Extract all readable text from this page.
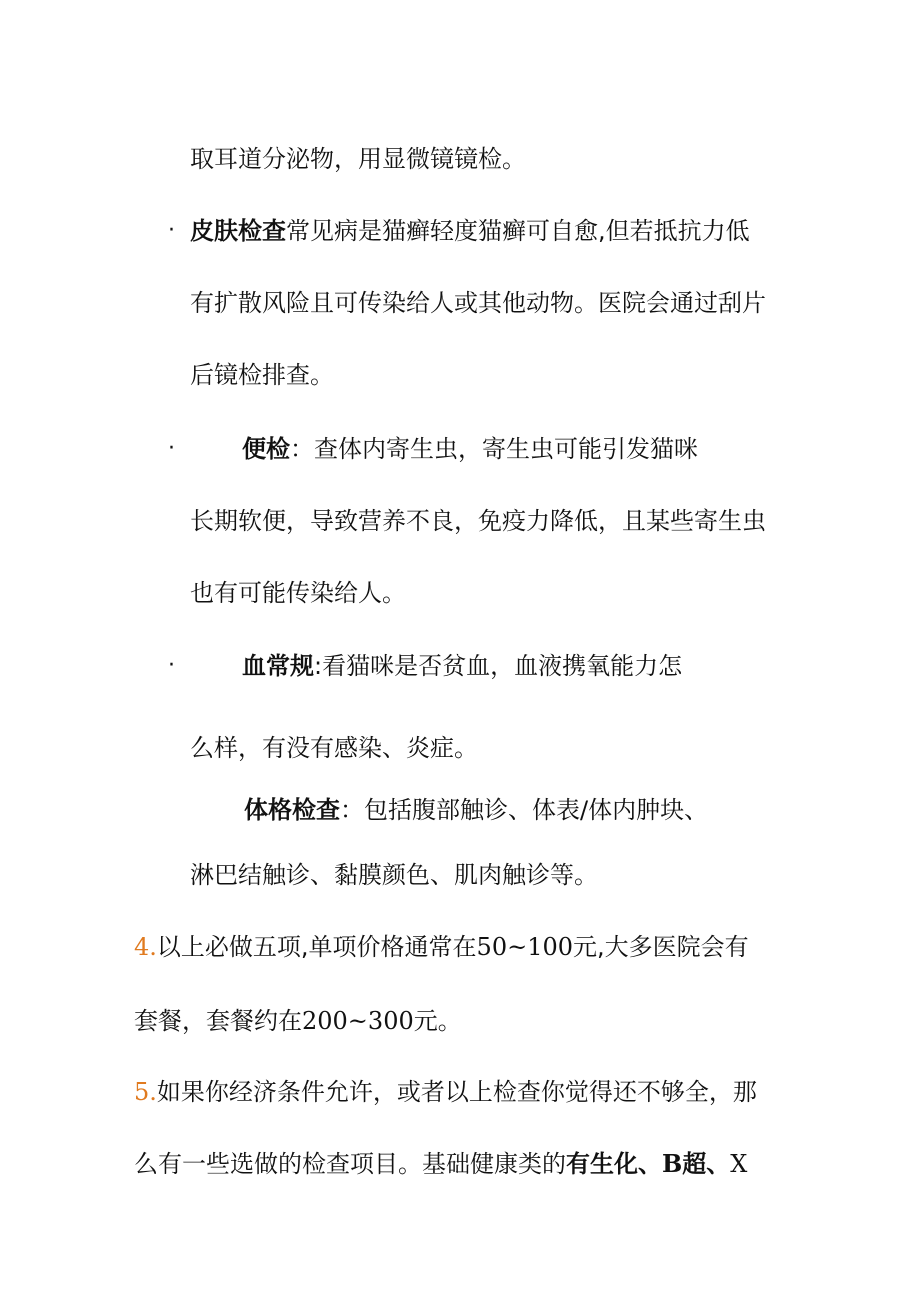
取耳道分泌物，用显微镜镜检。
· 皮肤检查常见病是猫癣轻度猫癣可自愈,但若抵抗力低
有扩散风险且可传染给人或其他动物。医院会通过刮片
后镜检排查。
·	便检：查体内寄生虫，寄生虫可能引发猫咪
长期软便，导致营养不良，免疫力降低，且某些寄生虫
也有可能传染给人。
·	血常规:看猫咪是否贫血，血液携氧能力怎
么样，有没有感染、炎症。
体格检查：包括腹部触诊、体表/体内肿块、
淋巴结触诊、黏膜颜色、肌肉触诊等。
4.以上必做五项,单项价格通常在50~100元,大多医院会有
套餐，套餐约在200~300元。
5.如果你经济条件允许，或者以上检查你觉得还不够全，那
么有一些选做的检查项目。基础健康类的有生化、B超、X
